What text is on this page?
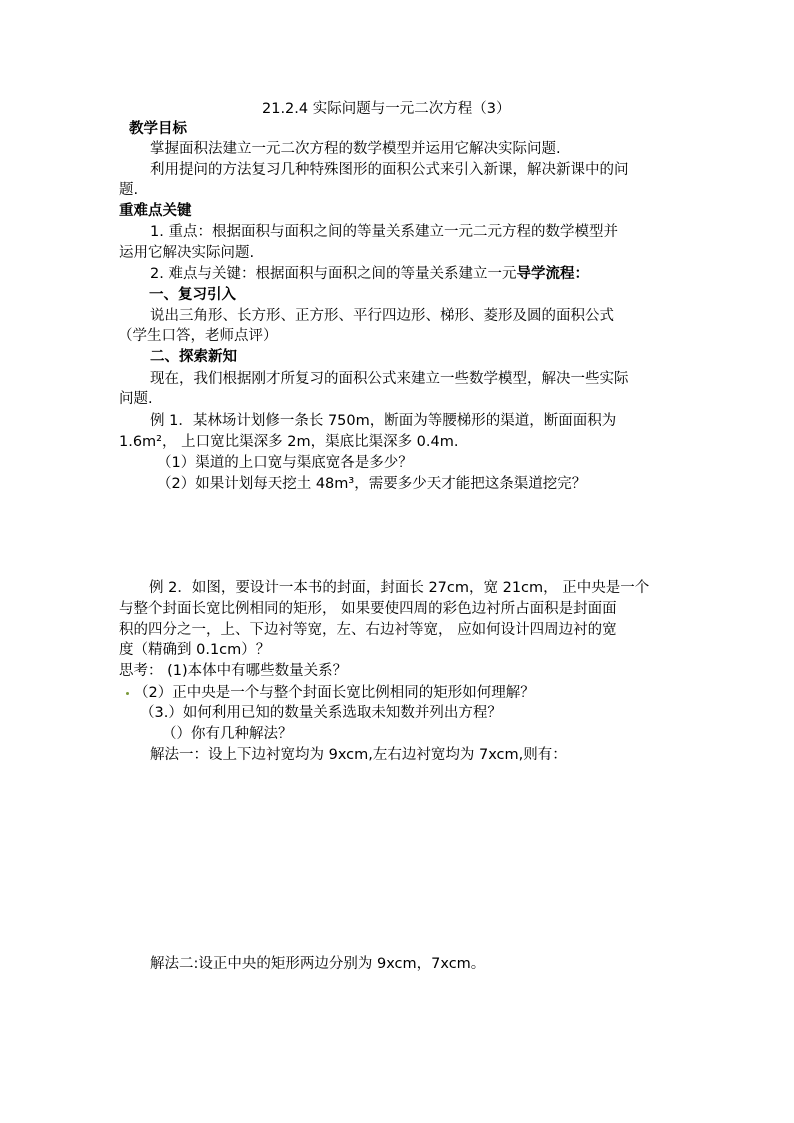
21.2.4 实际问题与一元二次方程（3）
教学目标
掌握面积法建立一元二次方程的数学模型并运用它解决实际问题.
利用提问的方法复习几种特殊图形的面积公式来引入新课，解决新课中的问
题.
重难点关键
1. 重点：根据面积与面积之间的等量关系建立一元二元方程的数学模型并
运用它解决实际问题.
2. 难点与关键：根据面积与面积之间的等量关系建立一元导学流程：
一、复习引入
说出三角形、长方形、正方形、平行四边形、梯形、菱形及圆的面积公式
（学生口答，老师点评）
二、探索新知
现在，我们根据刚才所复习的面积公式来建立一些数学模型，解决一些实际
问题.
例 1．某林场计划修一条长 750m，断面为等腰梯形的渠道，断面面积为
1.6m²， 上口宽比渠深多 2m，渠底比渠深多 0.4m.
（1）渠道的上口宽与渠底宽各是多少？
（2）如果计划每天挖土 48m³，需要多少天才能把这条渠道挖完？
例 2．如图，要设计一本书的封面，封面长 27cm，宽 21cm， 正中央是一个
与整个封面长宽比例相同的矩形， 如果要使四周的彩色边衬所占面积是封面面
积的四分之一，上、下边衬等宽，左、右边衬等宽， 应如何设计四周边衬的宽
度（精确到 0.1cm）？
思考： (1)本体中有哪些数量关系？
（2）正中央是一个与整个封面长宽比例相同的矩形如何理解？
（3.）如何利用已知的数量关系选取未知数并列出方程？
（）你有几种解法？
解法一：设上下边衬宽均为 9xcm,左右边衬宽均为 7xcm,则有：
解法二:设正中央的矩形两边分别为 9xcm，7xcm。
